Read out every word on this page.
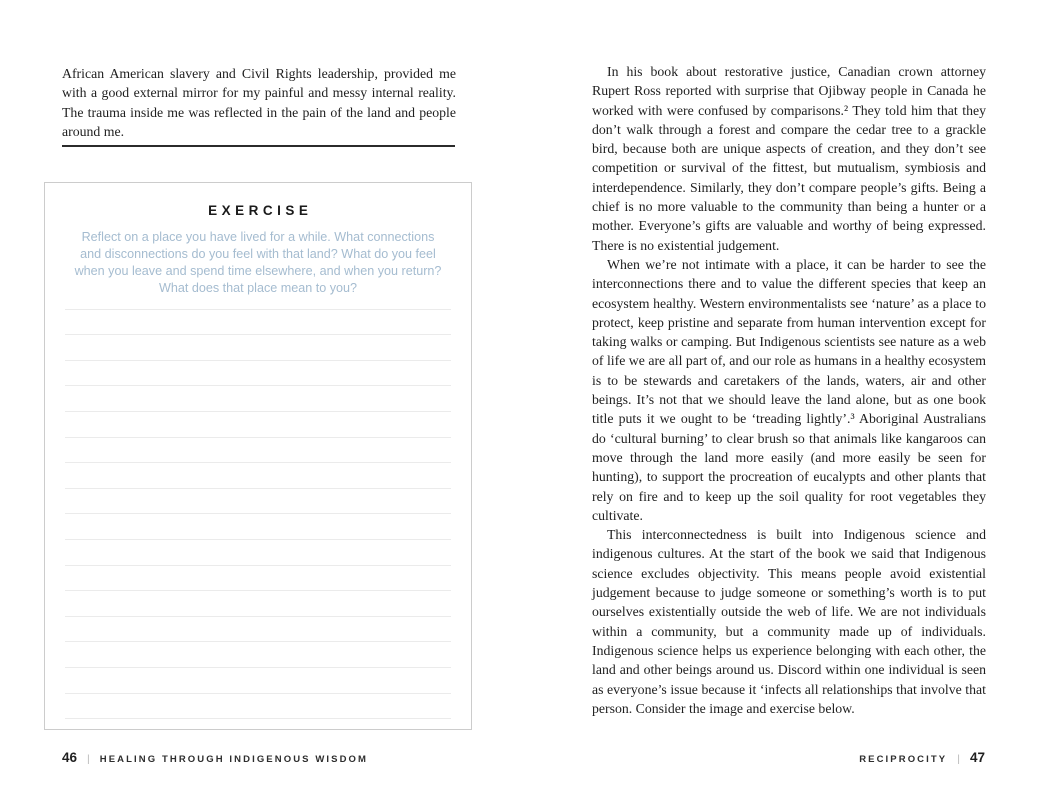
African American slavery and Civil Rights leadership, provided me with a good external mirror for my painful and messy internal reality. The trauma inside me was reflected in the pain of the land and people around me.

EXERCISE
Reflect on a place you have lived for a while. What connections and disconnections do you feel with that land? What do you feel when you leave and spend time elsewhere, and when you return? What does that place mean to you?
46 | HEALING THROUGH INDIGENOUS WISDOM

In his book about restorative justice, Canadian crown attorney Rupert Ross reported with surprise that Ojibway people in Canada he worked with were confused by comparisons.² They told him that they don’t walk through a forest and compare the cedar tree to a grackle bird, because both are unique aspects of creation, and they don’t see competition or survival of the fittest, but mutualism, symbiosis and interdependence. Similarly, they don’t compare people’s gifts. Being a chief is no more valuable to the community than being a hunter or a mother. Everyone’s gifts are valuable and worthy of being expressed. There is no existential judgement.

When we’re not intimate with a place, it can be harder to see the interconnections there and to value the different species that keep an ecosystem healthy. Western environmentalists see ‘nature’ as a place to protect, keep pristine and separate from human intervention except for taking walks or camping. But Indigenous scientists see nature as a web of life we are all part of, and our role as humans in a healthy ecosystem is to be stewards and caretakers of the lands, waters, air and other beings. It’s not that we should leave the land alone, but as one book title puts it we ought to be ‘treading lightly’.³ Aboriginal Australians do ‘cultural burning’ to clear brush so that animals like kangaroos can move through the land more easily (and more easily be seen for hunting), to support the procreation of eucalypts and other plants that rely on fire and to keep up the soil quality for root vegetables they cultivate.

This interconnectedness is built into Indigenous science and indigenous cultures. At the start of the book we said that Indigenous science excludes objectivity. This means people avoid existential judgement because to judge someone or something’s worth is to put ourselves existentially outside the web of life. We are not individuals within a community, but a community made up of individuals. Indigenous science helps us experience belonging with each other, the land and other beings around us. Discord within one individual is seen as everyone’s issue because it ‘infects all relationships that involve that person. Consider the image and exercise below.

RECIPROCITY | 47
